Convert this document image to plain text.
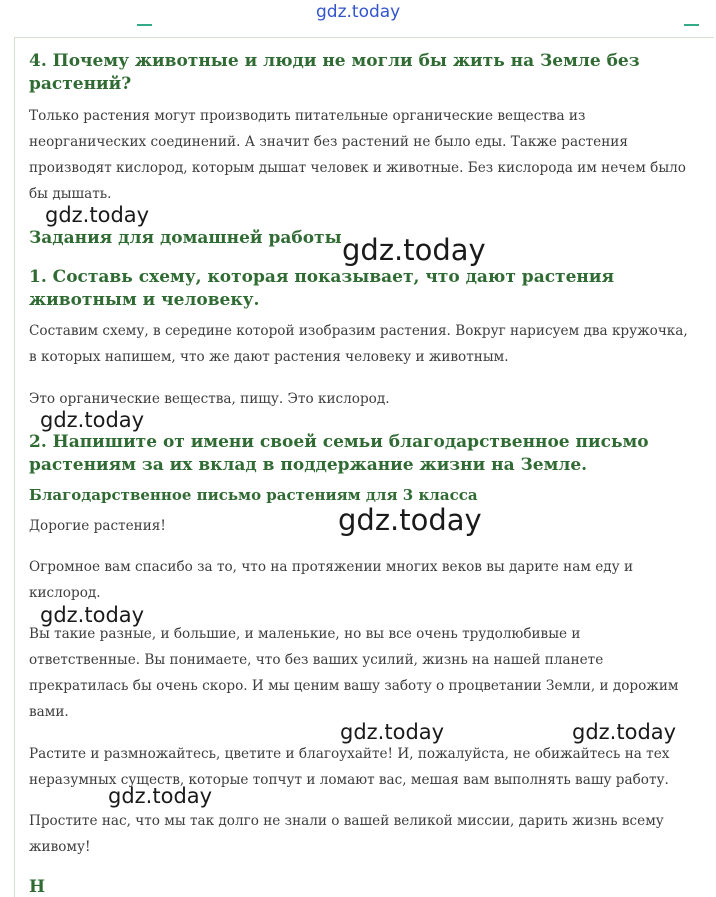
gdz.today
4. Почему животные и люди не могли бы жить на Земле без
растений?
Только растения могут производить питательные органические вещества из
неорганических соединений. А значит без растений не было еды. Также растения
производят кислород, которым дышат человек и животные. Без кислорода им нечем было
бы дышать.
Задания для домашней работы
1. Составь схему, которая показывает, что дают растения
животным и человеку.
Составим схему, в середине которой изобразим растения. Вокруг нарисуем два кружочка,
в которых напишем, что же дают растения человеку и животным.
Это органические вещества, пищу. Это кислород.
2. Напишите от имени своей семьи благодарственное письмо
растениям за их вклад в поддержание жизни на Земле.
Благодарственное письмо растениям для 3 класса
Дорогие растения!
Огромное вам спасибо за то, что на протяжении многих веков вы дарите нам еду и
кислород.
Вы такие разные, и большие, и маленькие, но вы все очень трудолюбивые и
ответственные. Вы понимаете, что без ваших усилий, жизнь на нашей планете
прекратилась бы очень скоро. И мы ценим вашу заботу о процветании Земли, и дорожим
вами.
Растите и размножайтесь, цветите и благоухайте! И, пожалуйста, не обижайтесь на тех
неразумных существ, которые топчут и ломают вас, мешая вам выполнять вашу работу.
Простите нас, что мы так долго не знали о вашей великой миссии, дарить жизнь всему
живому!
Н
gdz.today
gdz.today
gdz.today
gdz.today
gdz.today
gdz.today	gdz.today
gdz.today
